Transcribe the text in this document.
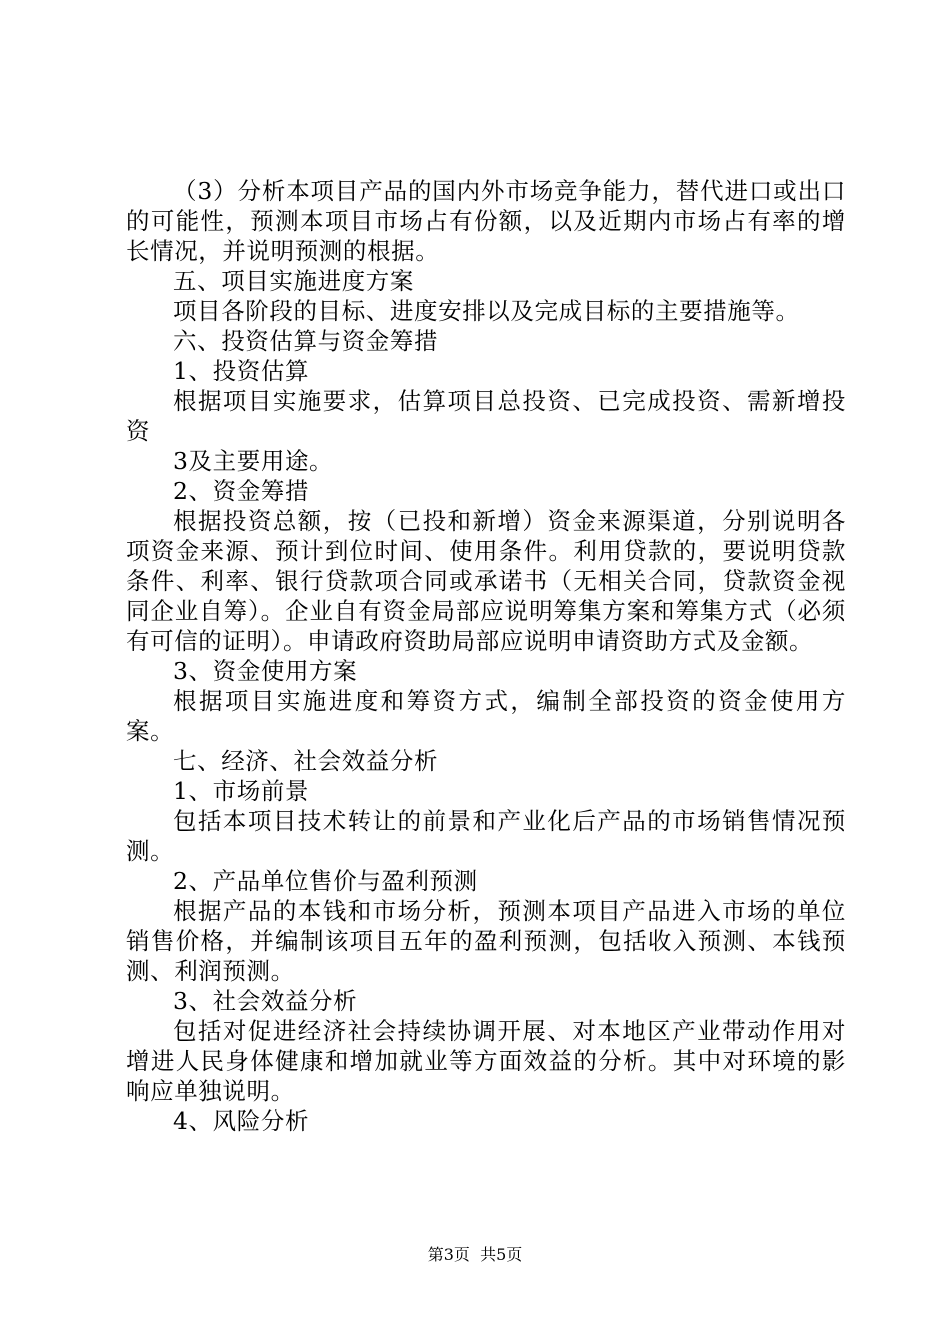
（3）分析本项目产品的国内外市场竞争能力，替代进口或出口的可能性，预测本项目市场占有份额，以及近期内市场占有率的增长情况，并说明预测的根据。

五、项目实施进度方案

项目各阶段的目标、进度安排以及完成目标的主要措施等。

六、投资估算与资金筹措

1、投资估算

根据项目实施要求，估算项目总投资、已完成投资、需新增投资

3及主要用途。

2、资金筹措

根据投资总额，按（已投和新增）资金来源渠道，分别说明各项资金来源、预计到位时间、使用条件。利用贷款的，要说明贷款条件、利率、银行贷款项合同或承诺书（无相关合同，贷款资金视同企业自筹）。企业自有资金局部应说明筹集方案和筹集方式（必须有可信的证明）。申请政府资助局部应说明申请资助方式及金额。

3、资金使用方案

根据项目实施进度和筹资方式，编制全部投资的资金使用方案。

七、经济、社会效益分析

1、市场前景

包括本项目技术转让的前景和产业化后产品的市场销售情况预测。

2、产品单位售价与盈利预测

根据产品的本钱和市场分析，预测本项目产品进入市场的单位销售价格，并编制该项目五年的盈利预测，包括收入预测、本钱预测、利润预测。

3、社会效益分析

包括对促进经济社会持续协调开展、对本地区产业带动作用对增进人民身体健康和增加就业等方面效益的分析。其中对环境的影响应单独说明。

4、风险分析

第3页 共5页
